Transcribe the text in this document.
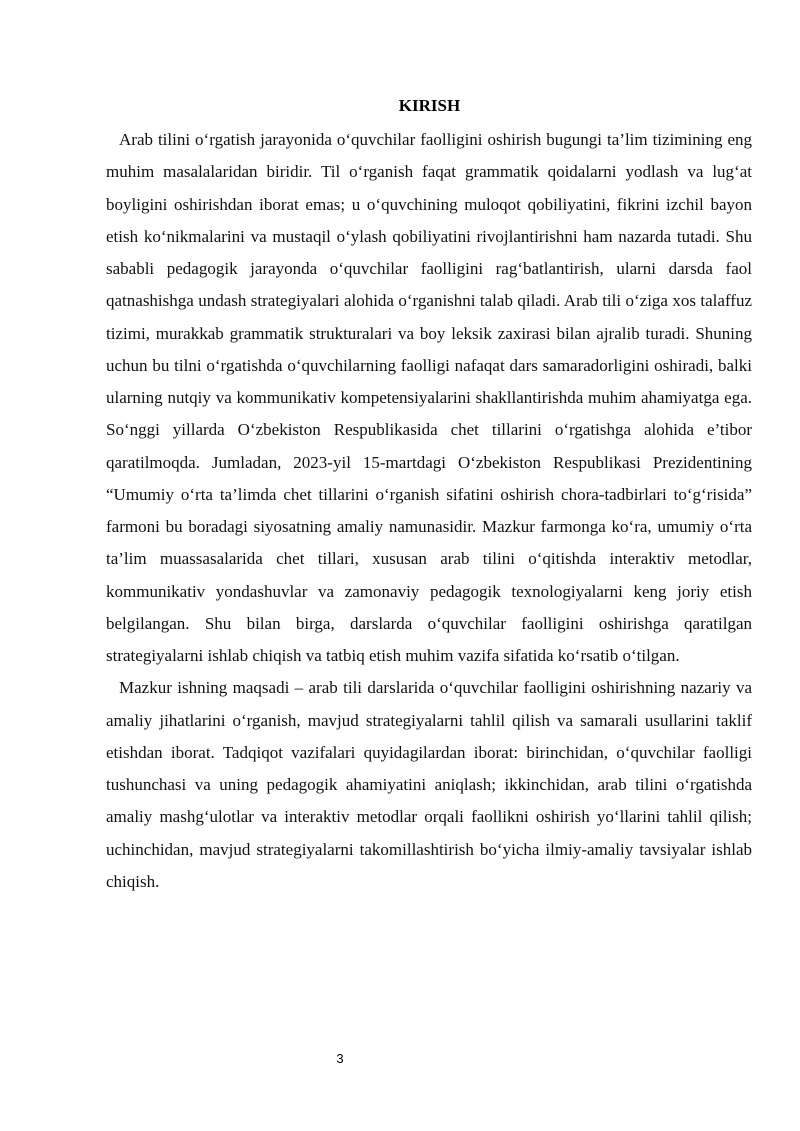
KIRISH

Arab tilini o‘rgatish jarayonida o‘quvchilar faolligini oshirish bugungi ta’lim tizimining eng muhim masalalaridan biridir. Til o‘rganish faqat grammatik qoidalarni yodlash va lug‘at boyligini oshirishdan iborat emas; u o‘quvchining muloqot qobiliyatini, fikrini izchil bayon etish ko‘nikmalarini va mustaqil o‘ylash qobiliyatini rivojlantirishni ham nazarda tutadi. Shu sababli pedagogik jarayonda o‘quvchilar faolligini rag‘batlantirish, ularni darsda faol qatnashishga undash strategiyalari alohida o‘rganishni talab qiladi. Arab tili o‘ziga xos talaffuz tizimi, murakkab grammatik strukturalari va boy leksik zaxirasi bilan ajralib turadi. Shuning uchun bu tilni o‘rgatishda o‘quvchilarning faolligi nafaqat dars samaradorligini oshiradi, balki ularning nutqiy va kommunikativ kompetensiyalarini shakllantirishda muhim ahamiyatga ega. So‘nggi yillarda O‘zbekiston Respublikasida chet tillarini o‘rgatishga alohida e’tibor qaratilmoqda. Jumladan, 2023-yil 15-martdagi O‘zbekiston Respublikasi Prezidentining “Umumiy o‘rta ta’limda chet tillarini o‘rganish sifatini oshirish chora-tadbirlari to‘g‘risida” farmoni bu boradagi siyosatning amaliy namunasidir. Mazkur farmonga ko‘ra, umumiy o‘rta ta’lim muassasalarida chet tillari, xususan arab tilini o‘qitishda interaktiv metodlar, kommunikativ yondashuvlar va zamonaviy pedagogik texnologiyalarni keng joriy etish belgilangan. Shu bilan birga, darslarda o‘quvchilar faolligini oshirishga qaratilgan strategiyalarni ishlab chiqish va tatbiq etish muhim vazifa sifatida ko‘rsatib o‘tilgan.

Mazkur ishning maqsadi – arab tili darslarida o‘quvchilar faolligini oshirishning nazariy va amaliy jihatlarini o‘rganish, mavjud strategiyalarni tahlil qilish va samarali usullarini taklif etishdan iborat. Tadqiqot vazifalari quyidagilardan iborat: birinchidan, o‘quvchilar faolligi tushunchasi va uning pedagogik ahamiyatini aniqlash; ikkinchidan, arab tilini o‘rgatishda amaliy mashg‘ulotlar va interaktiv metodlar orqali faollikni oshirish yo‘llarini tahlil qilish; uchinchidan, mavjud strategiyalarni takomillashtirish bo‘yicha ilmiy-amaliy tavsiyalar ishlab chiqish.

3
